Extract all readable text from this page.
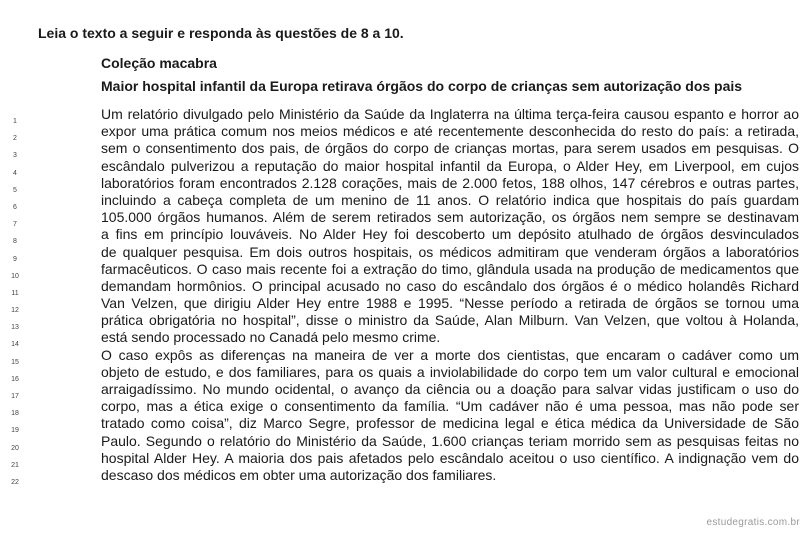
Leia o texto a seguir e responda às questões de 8 a 10.
Coleção macabra
Maior hospital infantil da Europa retirava órgãos do corpo de crianças sem autorização dos pais
1
2
3
4
5
6
7
8
9
10
11
12
13
14
15
16
17
18
19
20
21
22
Um relatório divulgado pelo Ministério da Saúde da Inglaterra na última terça-feira causou espanto e horror ao
expor uma prática comum nos meios médicos e até recentemente desconhecida do resto do país: a retirada,
sem o consentimento dos pais, de órgãos do corpo de crianças mortas, para serem usados em pesquisas. O
escândalo pulverizou a reputação do maior hospital infantil da Europa, o Alder Hey, em Liverpool, em cujos
laboratórios foram encontrados 2.128 corações, mais de 2.000 fetos, 188 olhos, 147 cérebros e outras partes,
incluindo a cabeça completa de um menino de 11 anos. O relatório indica que hospitais do país guardam
105.000 órgãos humanos. Além de serem retirados sem autorização, os órgãos nem sempre se destinavam
a fins em princípio louváveis. No Alder Hey foi descoberto um depósito atulhado de órgãos desvinculados
de qualquer pesquisa. Em dois outros hospitais, os médicos admitiram que venderam órgãos a laboratórios
farmacêuticos. O caso mais recente foi a extração do timo, glândula usada na produção de medicamentos que
demandam hormônios. O principal acusado no caso do escândalo dos órgãos é o médico holandês Richard
Van Velzen, que dirigiu Alder Hey entre 1988 e 1995. “Nesse período a retirada de órgãos se tornou uma
prática obrigatória no hospital”, disse o ministro da Saúde, Alan Milburn. Van Velzen, que voltou à Holanda,
está sendo processado no Canadá pelo mesmo crime.
O caso expôs as diferenças na maneira de ver a morte dos cientistas, que encaram o cadáver como um
objeto de estudo, e dos familiares, para os quais a inviolabilidade do corpo tem um valor cultural e emocional
arraigadíssimo. No mundo ocidental, o avanço da ciência ou a doação para salvar vidas justificam o uso do
corpo, mas a ética exige o consentimento da família. “Um cadáver não é uma pessoa, mas não pode ser
tratado como coisa”, diz Marco Segre, professor de medicina legal e ética médica da Universidade de São
Paulo. Segundo o relatório do Ministério da Saúde, 1.600 crianças teriam morrido sem as pesquisas feitas no
hospital Alder Hey. A maioria dos pais afetados pelo escândalo aceitou o uso científico. A indignação vem do
descaso dos médicos em obter uma autorização dos familiares.
estudegratis.com.br
